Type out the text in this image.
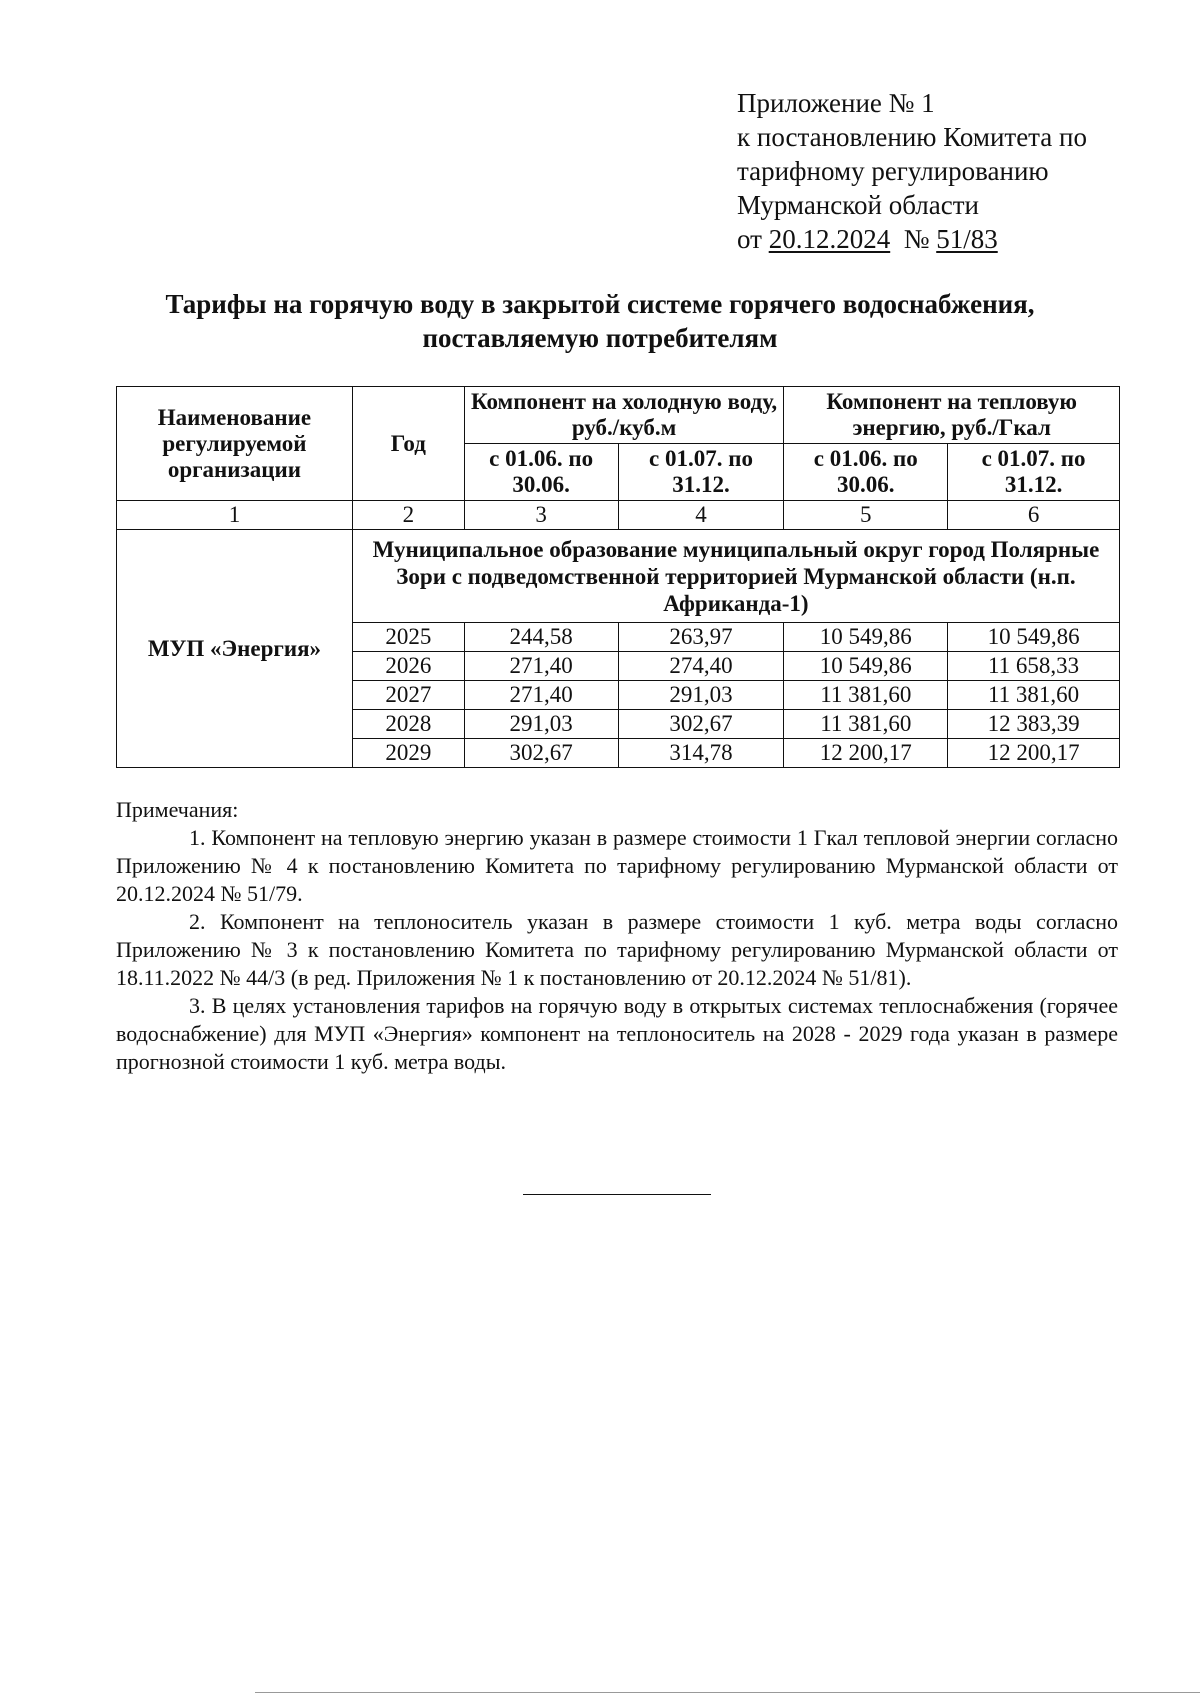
Приложение № 1
к постановлению Комитета по
тарифному регулированию
Мурманской области
от 20.12.2024 № 51/83
Тарифы на горячую воду в закрытой системе горячего водоснабжения,
поставляемую потребителям
Наименование регулируемой организации	Год	Компонент на холодную воду, руб./куб.м		Компонент на тепловую энергию, руб./Гкал	
		с 01.06. по 30.06.	с 01.07. по 31.12.	с 01.06. по 30.06.	с 01.07. по 31.12.
1	2	3	4	5	6
МУП «Энергия»	Муниципальное образование муниципальный округ город Полярные Зори с подведомственной территорией Мурманской области (н.п. Африканда-1)				
	2025	244,58	263,97	10 549,86	10 549,86
	2026	271,40	274,40	10 549,86	11 658,33
	2027	271,40	291,03	11 381,60	11 381,60
	2028	291,03	302,67	11 381,60	12 383,39
	2029	302,67	314,78	12 200,17	12 200,17

Примечания:

1. Компонент на тепловую энергию указан в размере стоимости 1 Гкал тепловой энергии согласно Приложению № 4 к постановлению Комитета по тарифному регулированию Мурманской области от 20.12.2024 № 51/79.

2. Компонент на теплоноситель указан в размере стоимости 1 куб. метра воды согласно Приложению № 3 к постановлению Комитета по тарифному регулированию Мурманской области от 18.11.2022 № 44/3 (в ред. Приложения № 1 к постановлению от 20.12.2024 № 51/81).

3. В целях установления тарифов на горячую воду в открытых системах теплоснабжения (горячее водоснабжение) для МУП «Энергия» компонент на теплоноситель на 2028 - 2029 года указан в размере прогнозной стоимости 1 куб. метра воды.
